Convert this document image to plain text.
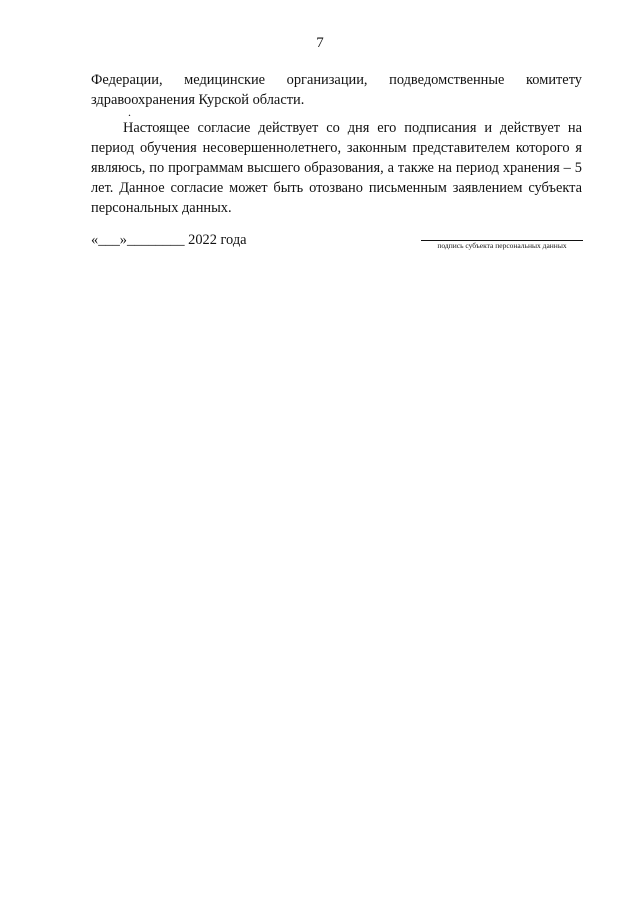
7
Федерации, медицинские организации, подведомственные комитету
здравоохранения Курской области.
.
Настоящее согласие действует со дня его подписания и действует на период обучения несовершеннолетнего, законным представителем которого я являюсь, по программам высшего образования, а также на период хранения – 5 лет. Данное согласие может быть отозвано письменным заявлением субъекта персональных данных.
«___»________ 2022 года	подпись субъекта персональных данных
